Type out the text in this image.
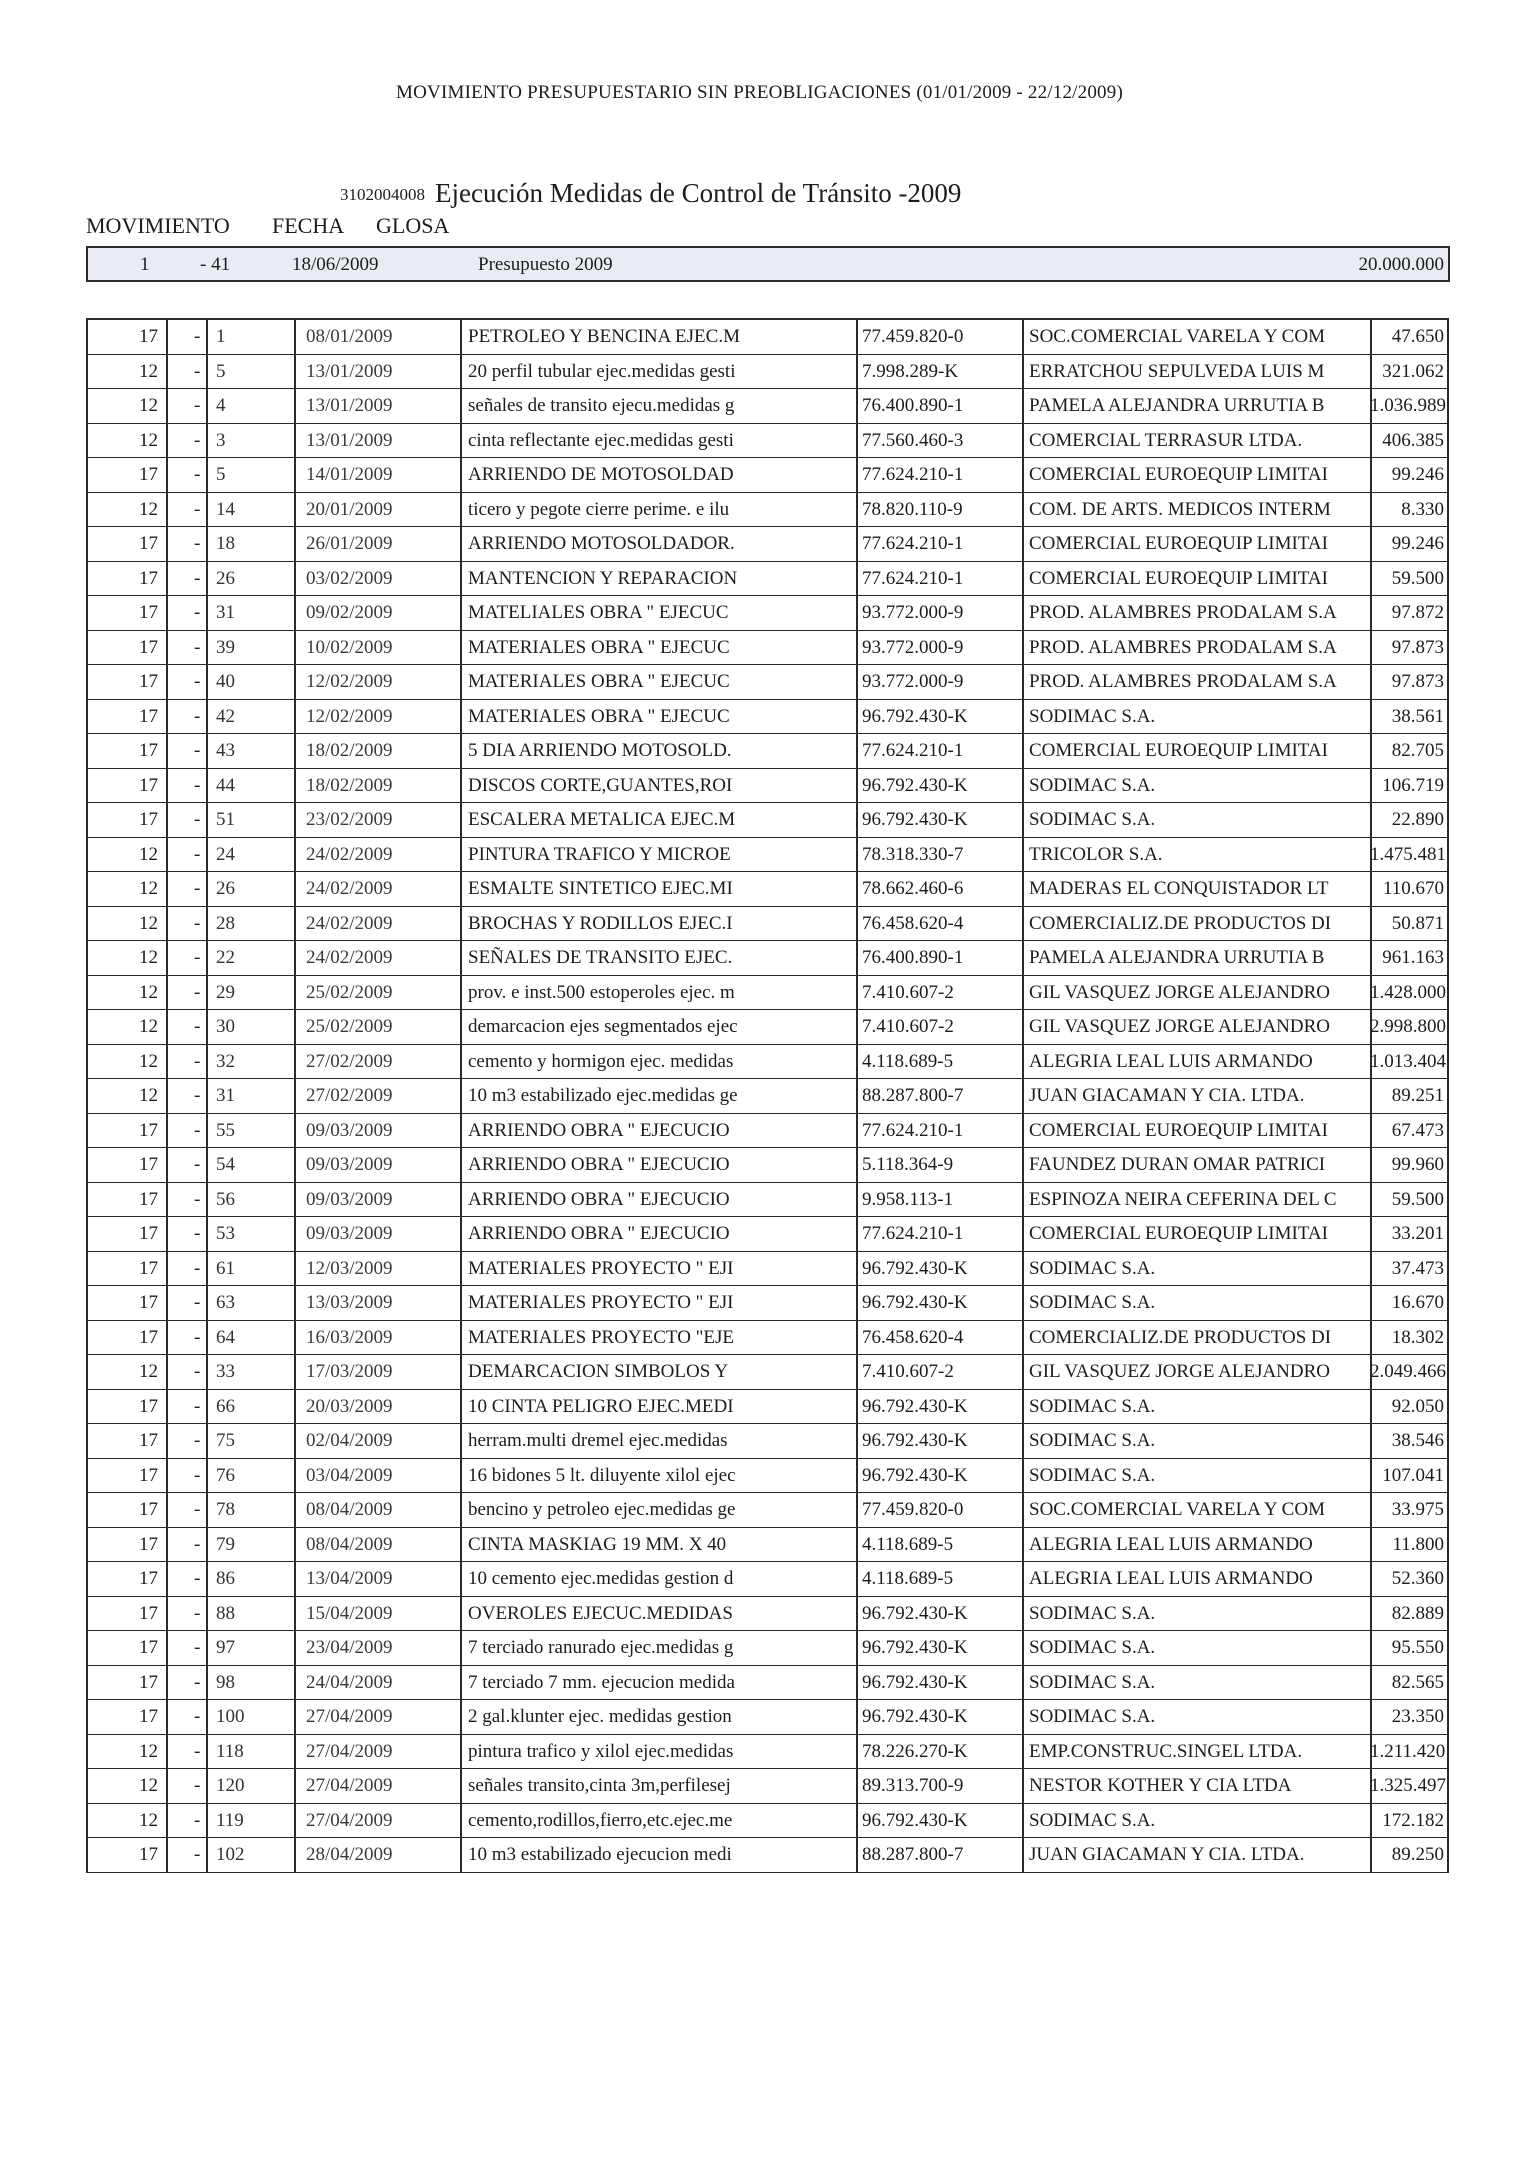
MOVIMIENTO PRESUPUESTARIO SIN PREOBLIGACIONES (01/01/2009 - 22/12/2009)
3102004008 Ejecución Medidas de Control de Tránsito -2009
MOVIMIENTO FECHA GLOSA
1	- 41	18/06/2009	Presupuesto 2009	20.000.000
-
17	1	08/01/2009	PETROLEO Y BENCINA EJEC.M	77.459.820-0	SOC.COMERCIAL VARELA Y COM	47.650
-
12	5	13/01/2009	20 perfil tubular ejec.medidas gesti	7.998.289-K	ERRATCHOU SEPULVEDA LUIS M	321.062
-
12	4	13/01/2009	señales de transito ejecu.medidas g	76.400.890-1	PAMELA ALEJANDRA URRUTIA B	1.036.989
-
12	3	13/01/2009	cinta reflectante ejec.medidas gesti	77.560.460-3	COMERCIAL TERRASUR LTDA.	406.385
-
17	5	14/01/2009	ARRIENDO DE MOTOSOLDAD	77.624.210-1	COMERCIAL EUROEQUIP LIMITAI	99.246
-
12	14	20/01/2009	ticero y pegote cierre perime. e ilu	78.820.110-9	COM. DE ARTS. MEDICOS INTERM	8.330
-
17	18	26/01/2009	ARRIENDO MOTOSOLDADOR.	77.624.210-1	COMERCIAL EUROEQUIP LIMITAI	99.246
-
17	26	03/02/2009	MANTENCION Y REPARACION	77.624.210-1	COMERCIAL EUROEQUIP LIMITAI	59.500
-
17	31	09/02/2009	MATELIALES OBRA " EJECUC	93.772.000-9	PROD. ALAMBRES PRODALAM S.A	97.872
-
17	39	10/02/2009	MATERIALES OBRA " EJECUC	93.772.000-9	PROD. ALAMBRES PRODALAM S.A	97.873
-
17	40	12/02/2009	MATERIALES OBRA " EJECUC	93.772.000-9	PROD. ALAMBRES PRODALAM S.A	97.873
-
17	42	12/02/2009	MATERIALES OBRA " EJECUC	96.792.430-K	SODIMAC S.A.	38.561
-
17	43	18/02/2009	5 DIA ARRIENDO MOTOSOLD.	77.624.210-1	COMERCIAL EUROEQUIP LIMITAI	82.705
-
17	44	18/02/2009	DISCOS CORTE,GUANTES,ROI	96.792.430-K	SODIMAC S.A.	106.719
-
17	51	23/02/2009	ESCALERA METALICA EJEC.M	96.792.430-K	SODIMAC S.A.	22.890
-
12	24	24/02/2009	PINTURA TRAFICO Y MICROE	78.318.330-7	TRICOLOR S.A.	1.475.481
-
12	26	24/02/2009	ESMALTE SINTETICO EJEC.MI	78.662.460-6	MADERAS EL CONQUISTADOR LT	110.670
-
12	28	24/02/2009	BROCHAS Y RODILLOS EJEC.I	76.458.620-4	COMERCIALIZ.DE PRODUCTOS DI	50.871
-
12	22	24/02/2009	SEÑALES DE TRANSITO EJEC.	76.400.890-1	PAMELA ALEJANDRA URRUTIA B	961.163
-
12	29	25/02/2009	prov. e inst.500 estoperoles ejec. m	7.410.607-2	GIL VASQUEZ JORGE ALEJANDRO	1.428.000
-
12	30	25/02/2009	demarcacion ejes segmentados ejec	7.410.607-2	GIL VASQUEZ JORGE ALEJANDRO	2.998.800
-
12	32	27/02/2009	cemento y hormigon ejec. medidas	4.118.689-5	ALEGRIA LEAL LUIS ARMANDO	1.013.404
-
12	31	27/02/2009	10 m3 estabilizado ejec.medidas ge	88.287.800-7	JUAN GIACAMAN Y CIA. LTDA.	89.251
-
17	55	09/03/2009	ARRIENDO OBRA " EJECUCIO	77.624.210-1	COMERCIAL EUROEQUIP LIMITAI	67.473
-
17	54	09/03/2009	ARRIENDO OBRA " EJECUCIO	5.118.364-9	FAUNDEZ DURAN OMAR PATRICI	99.960
-
17	56	09/03/2009	ARRIENDO OBRA " EJECUCIO	9.958.113-1	ESPINOZA NEIRA CEFERINA DEL C	59.500
-
17	53	09/03/2009	ARRIENDO OBRA " EJECUCIO	77.624.210-1	COMERCIAL EUROEQUIP LIMITAI	33.201
-
17	61	12/03/2009	MATERIALES PROYECTO " EJI	96.792.430-K	SODIMAC S.A.	37.473
-
17	63	13/03/2009	MATERIALES PROYECTO " EJI	96.792.430-K	SODIMAC S.A.	16.670
-
17	64	16/03/2009	MATERIALES PROYECTO "EJE	76.458.620-4	COMERCIALIZ.DE PRODUCTOS DI	18.302
-
12	33	17/03/2009	DEMARCACION SIMBOLOS Y	7.410.607-2	GIL VASQUEZ JORGE ALEJANDRO	2.049.466
-
17	66	20/03/2009	10 CINTA PELIGRO EJEC.MEDI	96.792.430-K	SODIMAC S.A.	92.050
-
17	75	02/04/2009	herram.multi dremel ejec.medidas	96.792.430-K	SODIMAC S.A.	38.546
-
17	76	03/04/2009	16 bidones 5 lt. diluyente xilol ejec	96.792.430-K	SODIMAC S.A.	107.041
-
17	78	08/04/2009	bencino y petroleo ejec.medidas ge	77.459.820-0	SOC.COMERCIAL VARELA Y COM	33.975
-
17	79	08/04/2009	CINTA MASKIAG 19 MM. X 40	4.118.689-5	ALEGRIA LEAL LUIS ARMANDO	11.800
-
17	86	13/04/2009	10 cemento ejec.medidas gestion d	4.118.689-5	ALEGRIA LEAL LUIS ARMANDO	52.360
-
17	88	15/04/2009	OVEROLES EJECUC.MEDIDAS	96.792.430-K	SODIMAC S.A.	82.889
-
17	97	23/04/2009	7 terciado ranurado ejec.medidas g	96.792.430-K	SODIMAC S.A.	95.550
-
17	98	24/04/2009	7 terciado 7 mm. ejecucion medida	96.792.430-K	SODIMAC S.A.	82.565
-
17	100	27/04/2009	2 gal.klunter ejec. medidas gestion	96.792.430-K	SODIMAC S.A.	23.350
-
12	118	27/04/2009	pintura trafico y xilol ejec.medidas	78.226.270-K	EMP.CONSTRUC.SINGEL LTDA.	1.211.420
-
12	120	27/04/2009	señales transito,cinta 3m,perfilesej	89.313.700-9	NESTOR KOTHER Y CIA LTDA	1.325.497
-
12	119	27/04/2009	cemento,rodillos,fierro,etc.ejec.me	96.792.430-K	SODIMAC S.A.	172.182
-
17	102	28/04/2009	10 m3 estabilizado ejecucion medi	88.287.800-7	JUAN GIACAMAN Y CIA. LTDA.	89.250
